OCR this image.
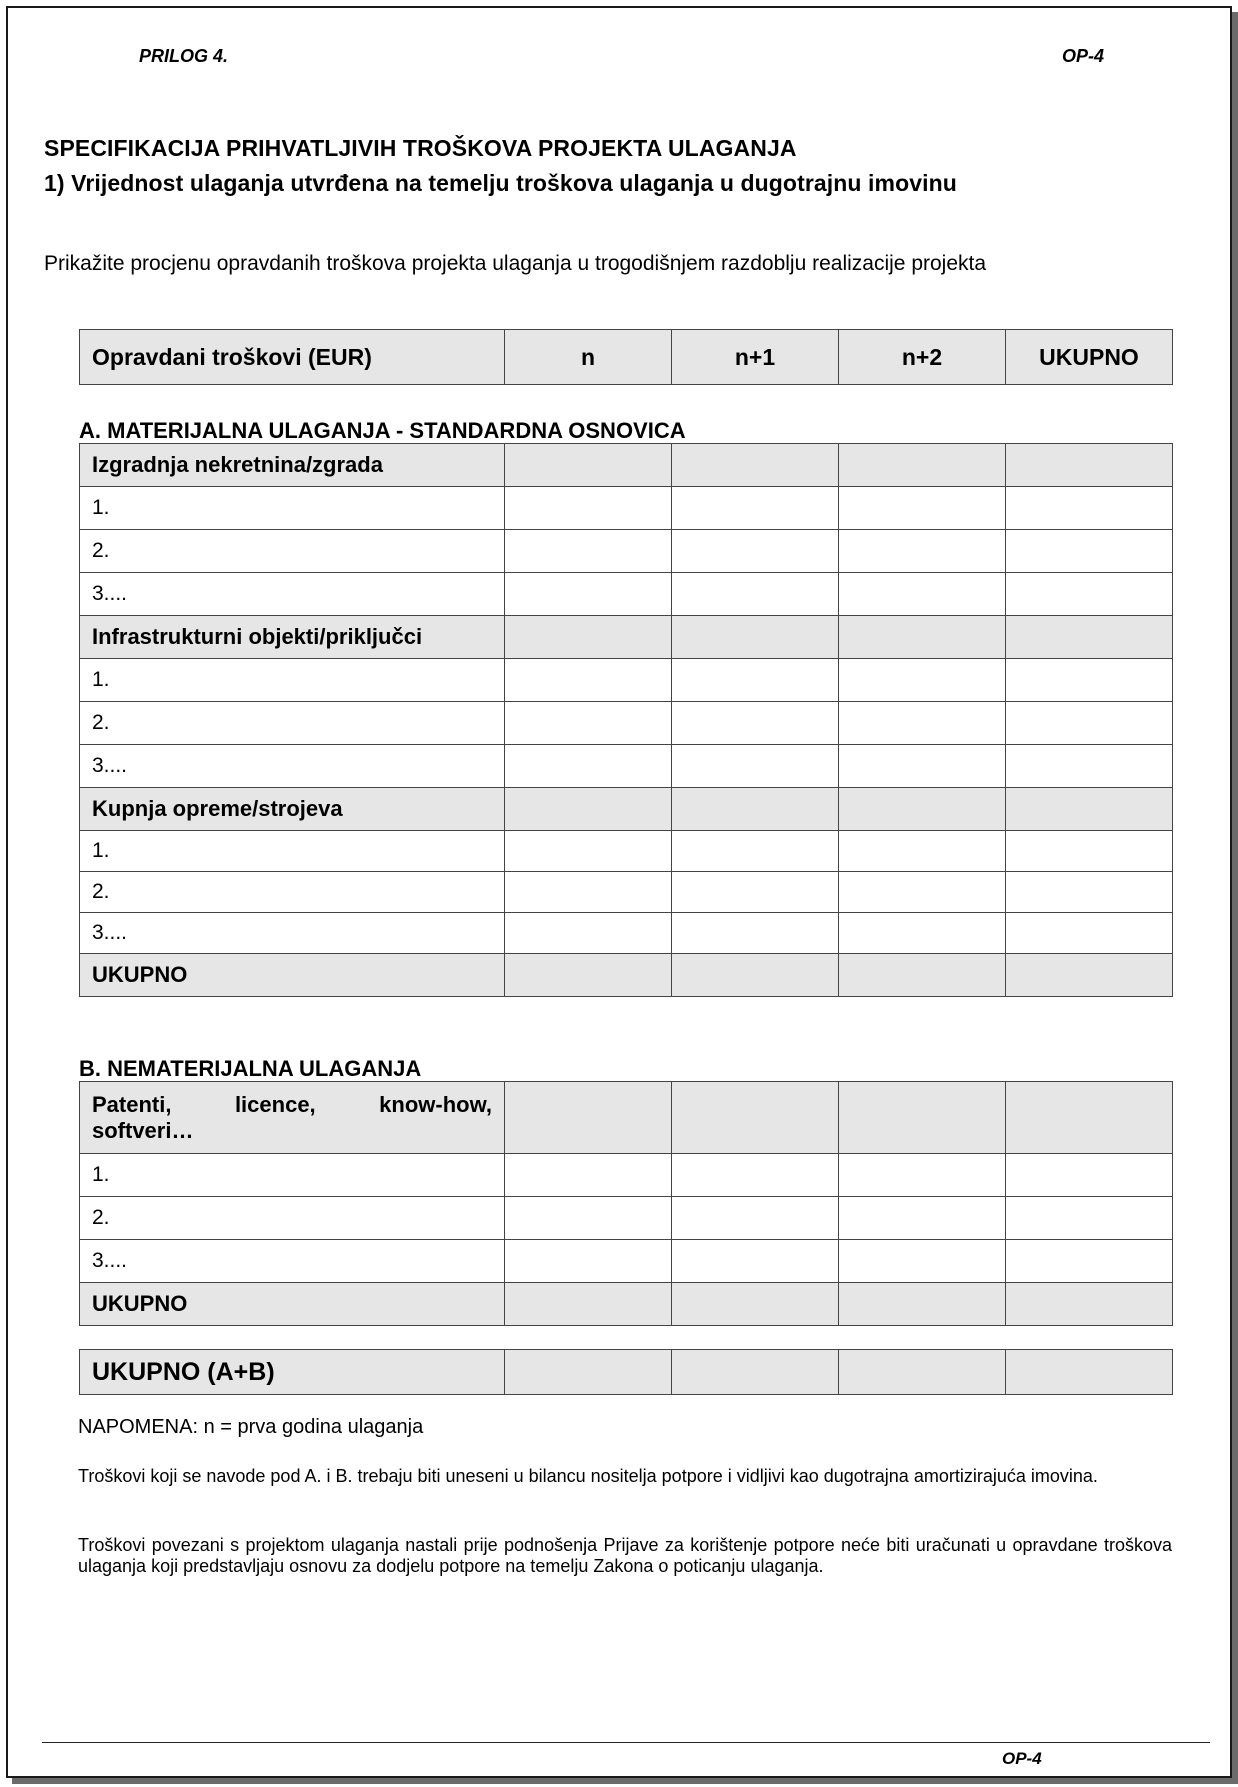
PRILOG 4.	OP-4
SPECIFIKACIJA PRIHVATLJIVIH TROŠKOVA PROJEKTA ULAGANJA
1) Vrijednost ulaganja utvrđena na temelju troškova ulaganja u dugotrajnu imovinu
Prikažite procjenu opravdanih troškova projekta ulaganja u trogodišnjem razdoblju realizacije projekta
Opravdani troškovi (EUR)	n	n+1	n+2	UKUPNO
A. MATERIJALNA ULAGANJA - STANDARDNA OSNOVICA
Izgradnja nekretnina/zgrada				
1.				
2.				
3....				
Infrastrukturni objekti/priključci				
1.				
2.				
3....				
Kupnja opreme/strojeva				
1.				
2.				
3....				
UKUPNO				
B. NEMATERIJALNA ULAGANJA
Patenti, licence, know-how,
softveri…				

1.				
2.				
3....				
UKUPNO				
UKUPNO (A+B)				
NAPOMENA: n = prva godina ulaganja
Troškovi koji se navode pod A. i B. trebaju biti uneseni u bilancu nositelja potpore i vidljivi kao dugotrajna amortizirajuća imovina.
Troškovi povezani s projektom ulaganja nastali prije podnošenja Prijave za korištenje potpore neće biti uračunati u opravdane troškova ulaganja koji predstavljaju osnovu za dodjelu potpore na temelju Zakona o poticanju ulaganja.
OP-4
